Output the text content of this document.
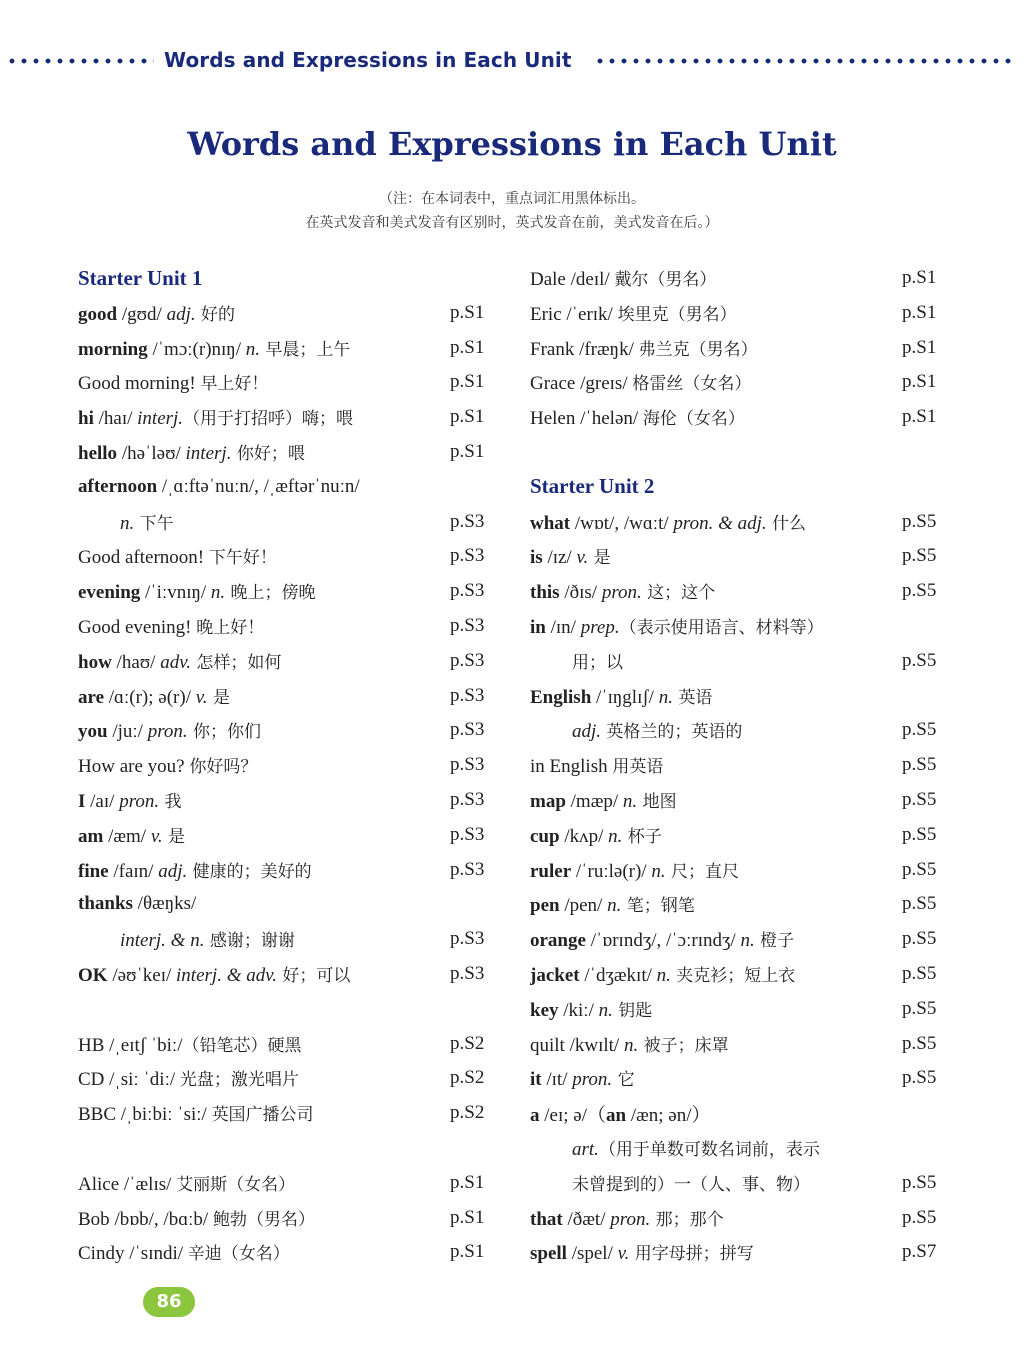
Words and Expressions in Each Unit
Words and Expressions in Each Unit
（注：在本词表中，重点词汇用黑体标出。
在英式发音和美式发音有区别时，英式发音在前，美式发音在后。）
Starter Unit 1
good /gʊd/ adj. 好的	p.S1
morning /ˈmɔː(r)nɪŋ/ n. 早晨；上午	p.S1
Good morning! 早上好！	p.S1
hi /haɪ/ interj.（用于打招呼）嗨；喂	p.S1
hello /həˈləʊ/ interj. 你好；喂	p.S1
afternoon /ˌɑːftəˈnuːn/, /ˌæftərˈnuːn/
n. 下午	p.S3
Good afternoon! 下午好！	p.S3
evening /ˈiːvnɪŋ/ n. 晚上；傍晚	p.S3
Good evening! 晚上好！	p.S3
how /haʊ/ adv. 怎样；如何	p.S3
are /ɑː(r); ə(r)/ v. 是	p.S3
you /juː/ pron. 你；你们	p.S3
How are you? 你好吗？	p.S3
I /aɪ/ pron. 我	p.S3
am /æm/ v. 是	p.S3
fine /faɪn/ adj. 健康的；美好的	p.S3
thanks /θæŋks/
interj. & n. 感谢；谢谢	p.S3
OK /əʊˈkeɪ/ interj. & adv. 好；可以	p.S3
HB /ˌeɪtʃ ˈbiː/（铅笔芯）硬黑	p.S2
CD /ˌsiː ˈdiː/ 光盘；激光唱片	p.S2
BBC /ˌbiːbiː ˈsiː/ 英国广播公司	p.S2
Alice /ˈælɪs/ 艾丽斯（女名）	p.S1
Bob /bɒb/, /bɑːb/ 鲍勃（男名）	p.S1
Cindy /ˈsɪndi/ 辛迪（女名）	p.S1
Dale /deɪl/ 戴尔（男名）	p.S1
Eric /ˈerɪk/ 埃里克（男名）	p.S1
Frank /fræŋk/ 弗兰克（男名）	p.S1
Grace /greɪs/ 格雷丝（女名）	p.S1
Helen /ˈhelən/ 海伦（女名）	p.S1
Starter Unit 2
what /wɒt/, /wɑːt/ pron. & adj. 什么	p.S5
is /ɪz/ v. 是	p.S5
this /ðɪs/ pron. 这；这个	p.S5
in /ɪn/ prep.（表示使用语言、材料等）
用；以	p.S5
English /ˈɪŋglɪʃ/ n. 英语
adj. 英格兰的；英语的	p.S5
in English 用英语	p.S5
map /mæp/ n. 地图	p.S5
cup /kʌp/ n. 杯子	p.S5
ruler /ˈruːlə(r)/ n. 尺；直尺	p.S5
pen /pen/ n. 笔；钢笔	p.S5
orange /ˈɒrɪndʒ/, /ˈɔːrɪndʒ/ n. 橙子	p.S5
jacket /ˈdʒækɪt/ n. 夹克衫；短上衣	p.S5
key /kiː/ n. 钥匙	p.S5
quilt /kwɪlt/ n. 被子；床罩	p.S5
it /ɪt/ pron. 它	p.S5
a /eɪ; ə/（an /æn; ən/）
art.（用于单数可数名词前，表示
未曾提到的）一（人、事、物）	p.S5
that /ðæt/ pron. 那；那个	p.S5
spell /spel/ v. 用字母拼；拼写	p.S7
86
